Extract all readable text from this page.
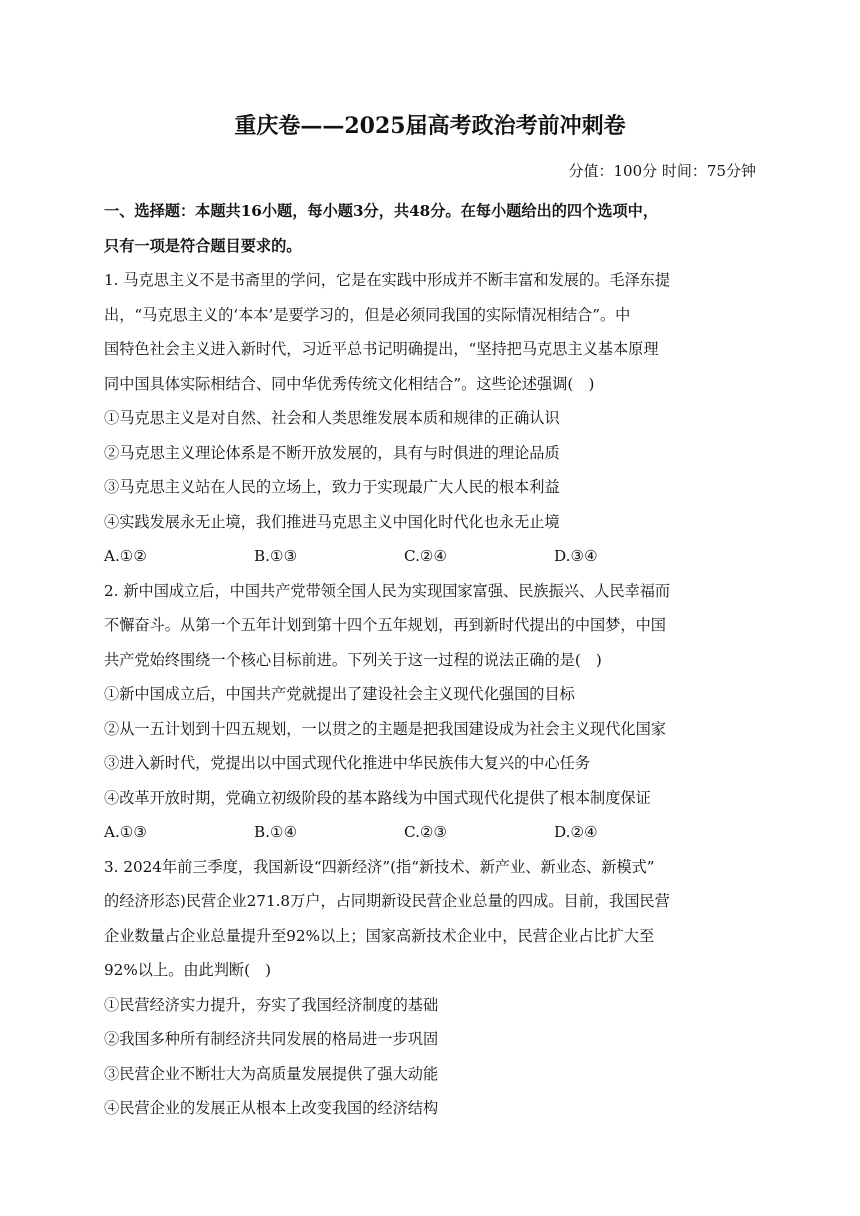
重庆卷——2025届高考政治考前冲刺卷
分值：100分 时间：75分钟
一、选择题：本题共16小题，每小题3分，共48分。在每小题给出的四个选项中，
只有一项是符合题目要求的。
1. 马克思主义不是书斋里的学问，它是在实践中形成并不断丰富和发展的。毛泽东提
出，“马克思主义的‘本本’是要学习的，但是必须同我国的实际情况相结合”。中
国特色社会主义进入新时代，习近平总书记明确提出，“坚持把马克思主义基本原理
同中国具体实际相结合、同中华优秀传统文化相结合”。这些论述强调(　)
①马克思主义是对自然、社会和人类思维发展本质和规律的正确认识
②马克思主义理论体系是不断开放发展的，具有与时俱进的理论品质
③马克思主义站在人民的立场上，致力于实现最广大人民的根本利益
④实践发展永无止境，我们推进马克思主义中国化时代化也永无止境
A.①②	B.①③	C.②④	D.③④
2. 新中国成立后，中国共产党带领全国人民为实现国家富强、民族振兴、人民幸福而
不懈奋斗。从第一个五年计划到第十四个五年规划，再到新时代提出的中国梦，中国
共产党始终围绕一个核心目标前进。下列关于这一过程的说法正确的是(　)
①新中国成立后，中国共产党就提出了建设社会主义现代化强国的目标
②从一五计划到十四五规划，一以贯之的主题是把我国建设成为社会主义现代化国家
③进入新时代，党提出以中国式现代化推进中华民族伟大复兴的中心任务
④改革开放时期，党确立初级阶段的基本路线为中国式现代化提供了根本制度保证
A.①③	B.①④	C.②③	D.②④
3. 2024年前三季度，我国新设“四新经济”(指“新技术、新产业、新业态、新模式”
的经济形态)民营企业271.8万户，占同期新设民营企业总量的四成。目前，我国民营
企业数量占企业总量提升至92%以上；国家高新技术企业中，民营企业占比扩大至
92%以上。由此判断(　)
①民营经济实力提升，夯实了我国经济制度的基础
②我国多种所有制经济共同发展的格局进一步巩固
③民营企业不断壮大为高质量发展提供了强大动能
④民营企业的发展正从根本上改变我国的经济结构
